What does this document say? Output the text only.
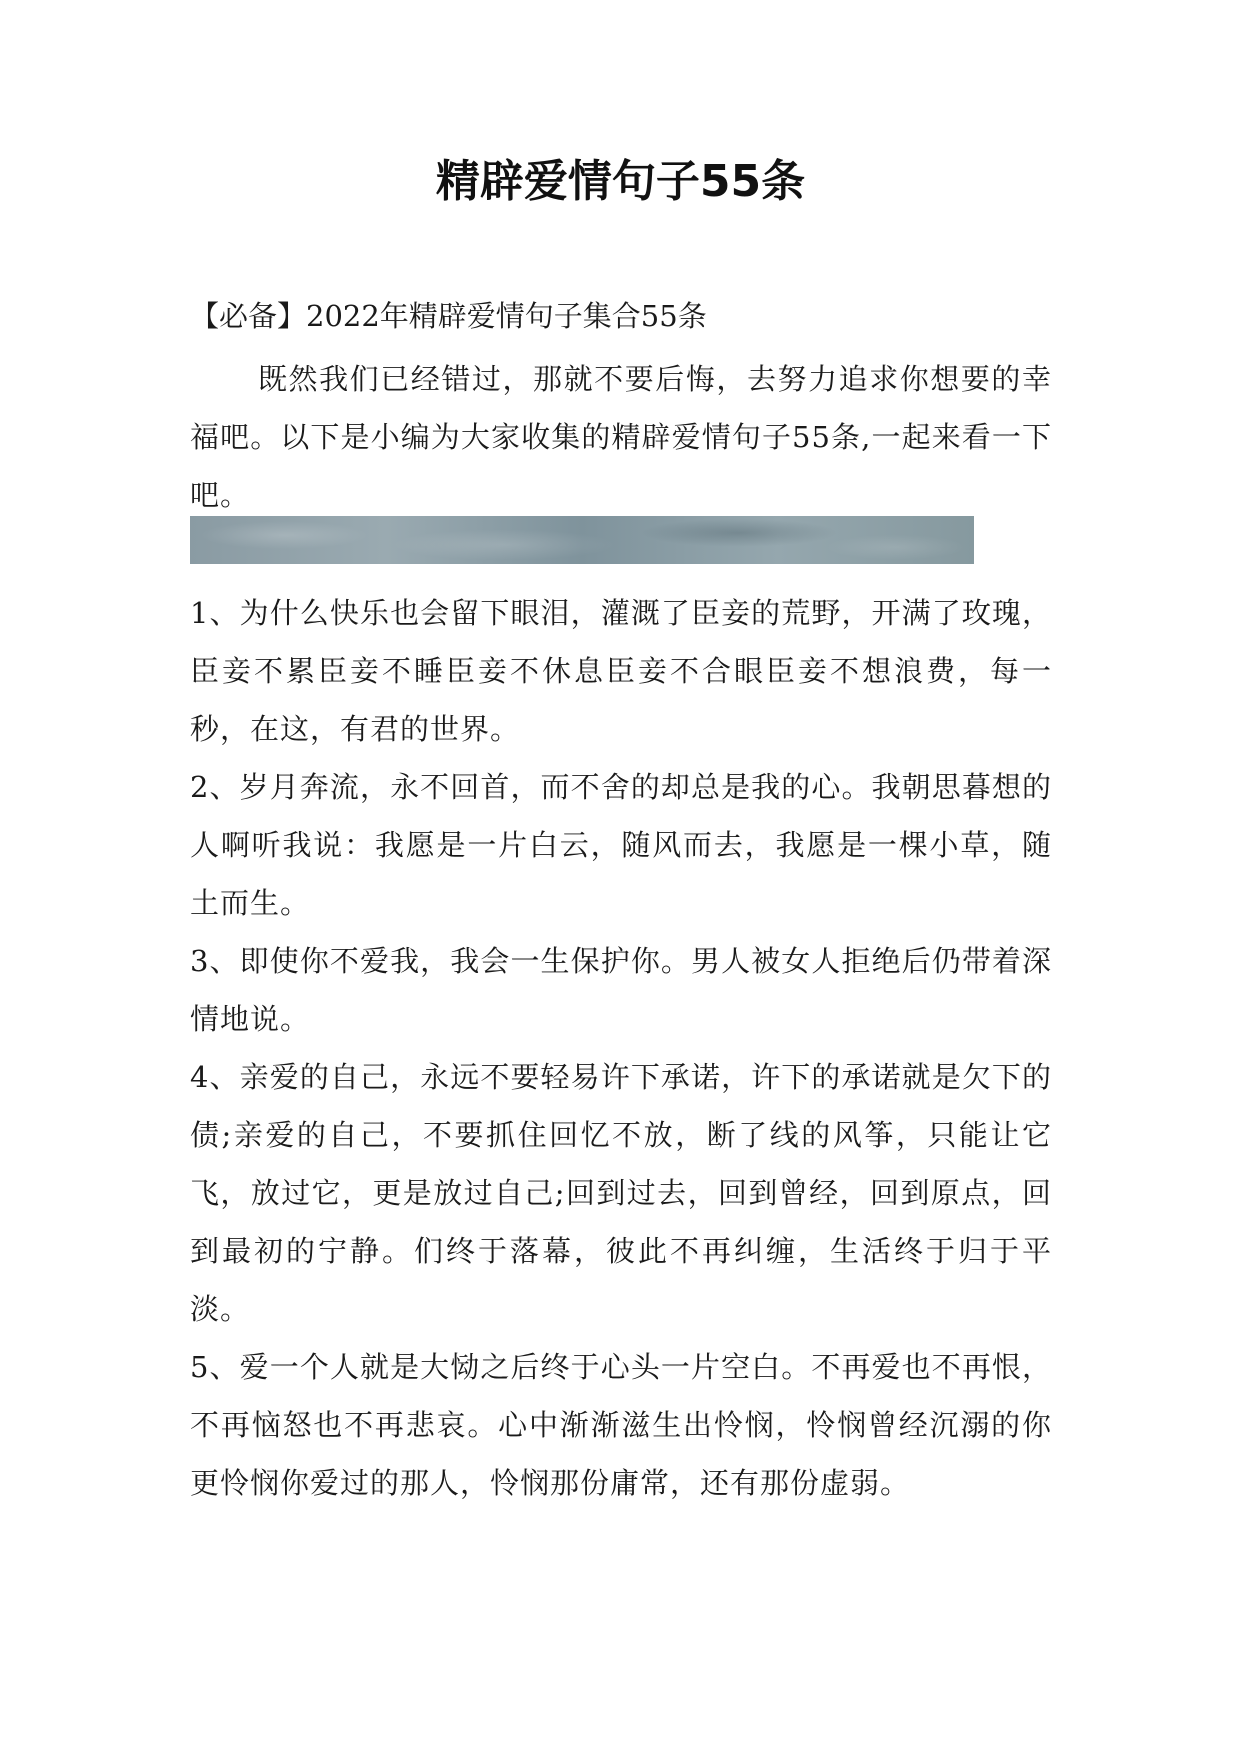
精辟爱情句子55条

【必备】2022年精辟爱情句子集合55条

既然我们已经错过，那就不要后悔，去努力追求你想要的幸福吧。以下是小编为大家收集的精辟爱情句子55条,一起来看一下吧。

1、为什么快乐也会留下眼泪，灌溉了臣妾的荒野，开满了玫瑰，臣妾不累臣妾不睡臣妾不休息臣妾不合眼臣妾不想浪费，每一秒，在这，有君的世界。
2、岁月奔流，永不回首，而不舍的却总是我的心。我朝思暮想的人啊听我说：我愿是一片白云，随风而去，我愿是一棵小草，随土而生。
3、即使你不爱我，我会一生保护你。男人被女人拒绝后仍带着深情地说。
4、亲爱的自己，永远不要轻易许下承诺，许下的承诺就是欠下的债;亲爱的自己，不要抓住回忆不放，断了线的风筝，只能让它飞，放过它，更是放过自己;回到过去，回到曾经，回到原点，回到最初的宁静。们终于落幕，彼此不再纠缠，生活终于归于平淡。
5、爱一个人就是大恸之后终于心头一片空白。不再爱也不再恨，不再恼怒也不再悲哀。心中渐渐滋生出怜悯，怜悯曾经沉溺的你更怜悯你爱过的那人，怜悯那份庸常，还有那份虚弱。
